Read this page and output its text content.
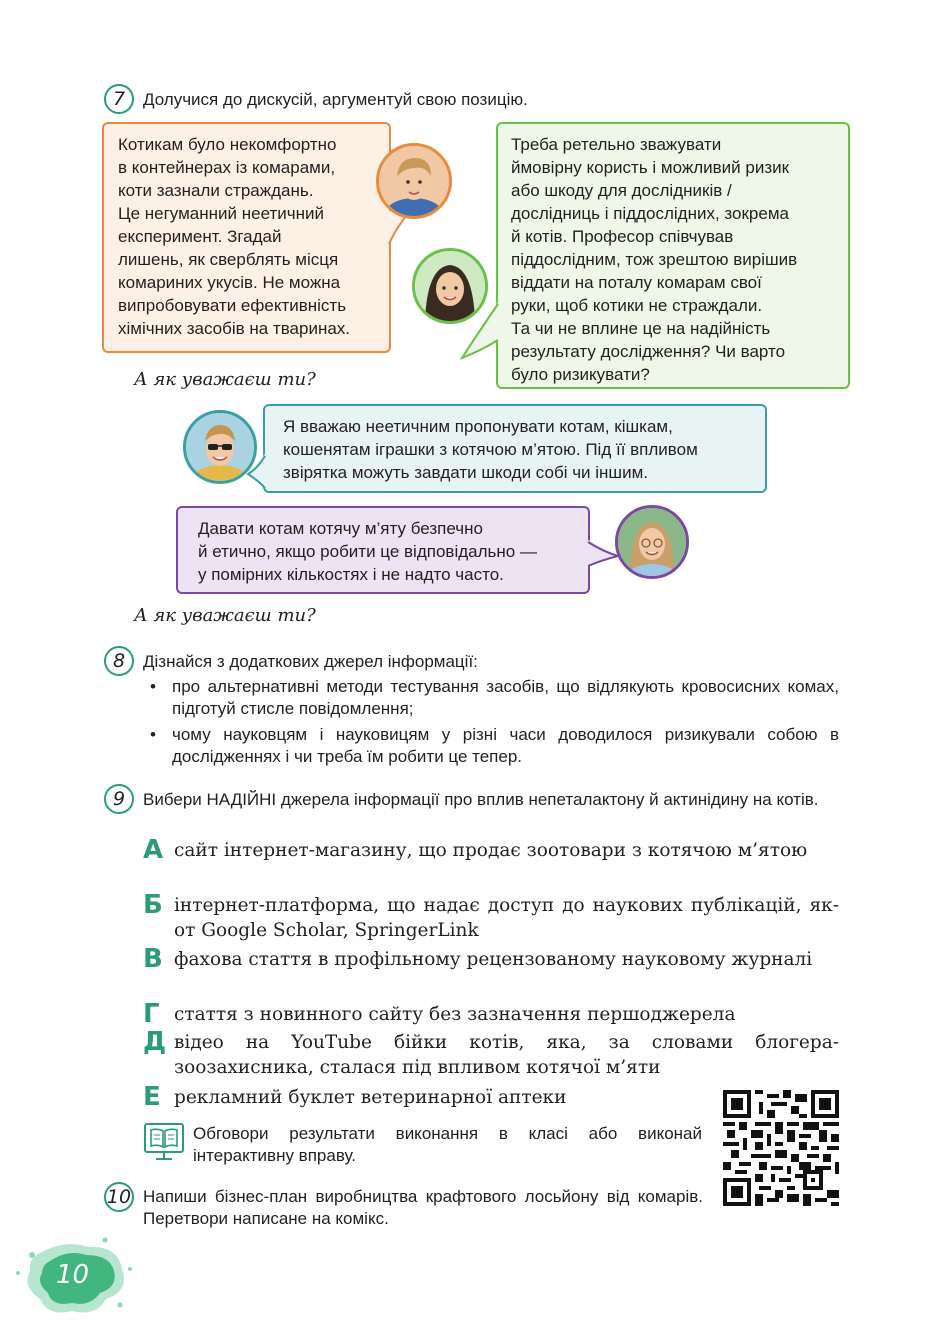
7	Долучися до дискусій, аргументуй свою позицію.
Котикам було некомфортно
в контейнерах із комарами,
коти зазнали страждань.
Це негуманний неетичний
експеримент. Згадай
лишень, як сверблять місця
комариних укусів. Не можна
випробовувати ефективність
хімічних засобів на тваринах.
Треба ретельно зважувати
ймовірну користь і можливий ризик
або шкоду для дослідників /
дослідниць і піддослідних, зокрема
й котів. Професор співчував
піддослідним, тож зрештою вирішив
віддати на поталу комарам свої
руки, щоб котики не страждали.
Та чи не вплине це на надійність
результату дослідження? Чи варто
було ризикувати?
А як уважаєш ти?
Я вважаю неетичним пропонувати котам, кішкам,
кошенятам іграшки з котячою м’ятою. Під її впливом
звірятка можуть завдати шкоди собі чи іншим.
Давати котам котячу м’яту безпечно
й етично, якщо робити це відповідально —
у помірних кількостях і не надто часто.
А як уважаєш ти?
8	Дізнайся з додаткових джерел інформації:
• про альтернативні методи тестування засобів, що відлякують кровосисних комах, підготуй стисле повідомлення;
• чому науковцям і науковицям у різні часи доводилося ризикували собою в дослідженнях і чи треба їм робити це тепер.
9	Вибери НАДІЙНІ джерела інформації про вплив непеталактону й актинідину на котів.
А сайт інтернет-магазину, що продає зоотовари з котячою м’ятою
Б інтернет-платформа, що надає доступ до наукових публікацій, як-от Google Scholar, SpringerLink
В фахова стаття в профільному рецензованому науковому журналі
Г стаття з новинного сайту без зазначення першоджерела
Д відео на YouTube бійки котів, яка, за словами блогера-зоозахисника, сталася під впливом котячої м’яти
Е рекламний буклет ветеринарної аптеки
Обговори результати виконання в класі або виконай інтерактивну вправу.
10 Напиши бізнес-план виробництва крафтового лосьйону від комарів. Перетвори написане на комікс.
10
